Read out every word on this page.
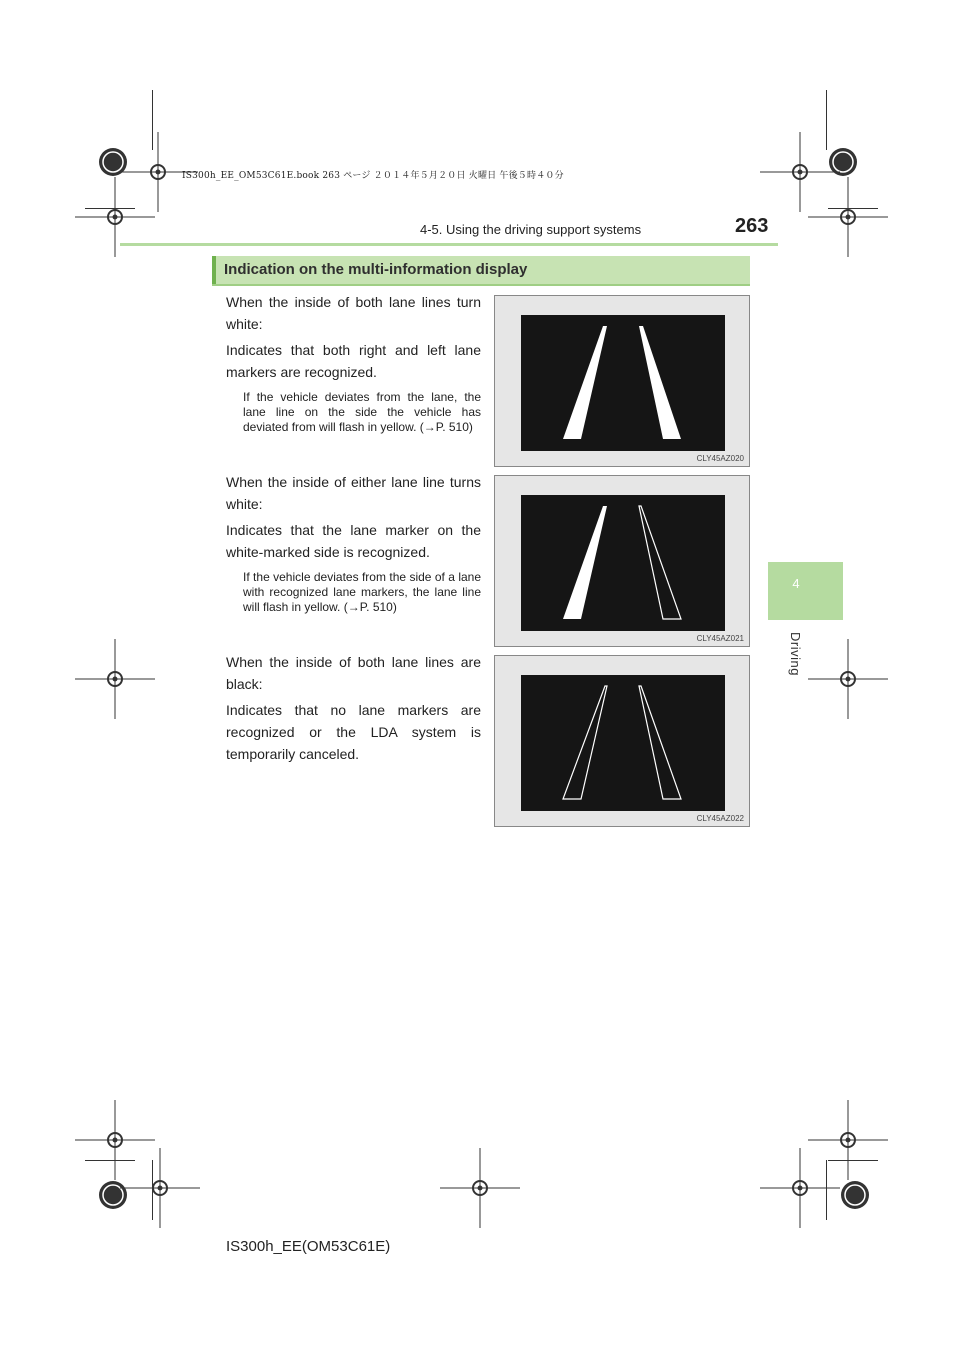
IS300h_EE_OM53C61E.book 263 ページ ２０１４年５月２０日 火曜日 午後５時４０分
4-5. Using the driving support systems	263
4
Driving
Indication on the multi-information display
When the inside of both lane lines turn white:
Indicates that both right and left lane markers are recognized.
If the vehicle deviates from the lane, the lane line on the side the vehicle has deviated from will flash in yellow. (→P. 510)
When the inside of either lane line turns white:
Indicates that the lane marker on the white-marked side is recognized.
If the vehicle deviates from the side of a lane with recognized lane markers, the lane line will flash in yellow. (→P. 510)
When the inside of both lane lines are black:
Indicates that no lane markers are recognized or the LDA system is temporarily canceled.
CLY45AZ020
CLY45AZ021
CLY45AZ022
IS300h_EE(OM53C61E)
